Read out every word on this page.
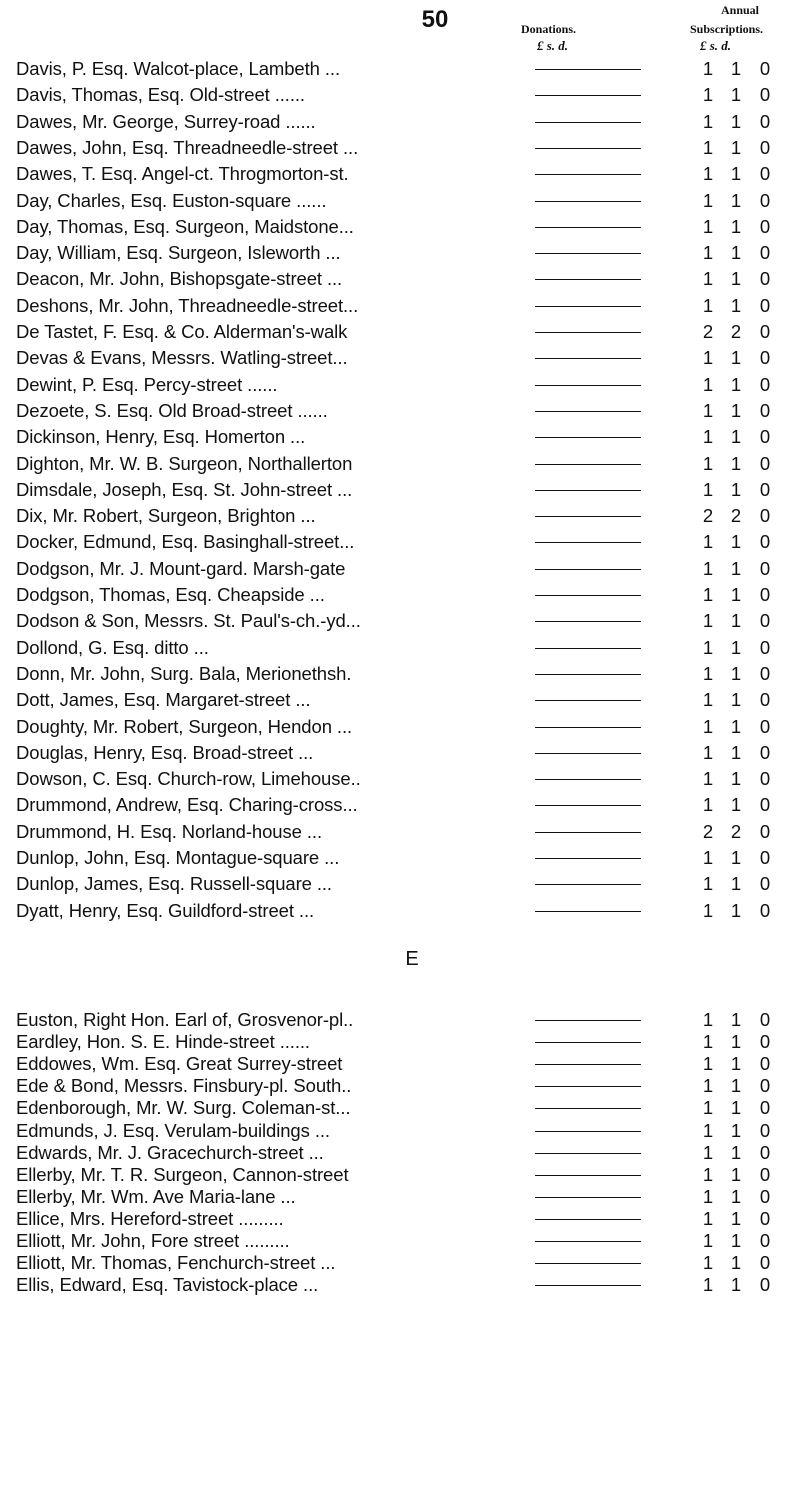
50	Annual
Donations.	Subscriptions.
£ s. d.	£ s. d.
Davis, P. Esq. Walcot-place, Lambeth ...	1 1 0
Davis, Thomas, Esq. Old-street ......	1 1 0
Dawes, Mr. George, Surrey-road ......	1 1 0
Dawes, John, Esq. Threadneedle-street ...	1 1 0
Dawes, T. Esq. Angel-ct. Throgmorton-st.	1 1 0
Day, Charles, Esq. Euston-square ......	1 1 0
Day, Thomas, Esq. Surgeon, Maidstone...	1 1 0
Day, William, Esq. Surgeon, Isleworth ...	1 1 0
Deacon, Mr. John, Bishopsgate-street ...	1 1 0
Deshons, Mr. John, Threadneedle-street...	1 1 0
De Tastet, F. Esq. & Co. Alderman's-walk	2 2 0
Devas & Evans, Messrs. Watling-street...	1 1 0
Dewint, P. Esq. Percy-street ......	1 1 0
Dezoete, S. Esq. Old Broad-street ......	1 1 0
Dickinson, Henry, Esq. Homerton ...	1 1 0
Dighton, Mr. W. B. Surgeon, Northallerton	1 1 0
Dimsdale, Joseph, Esq. St. John-street ...	1 1 0
Dix, Mr. Robert, Surgeon, Brighton ...	2 2 0
Docker, Edmund, Esq. Basinghall-street...	1 1 0
Dodgson, Mr. J. Mount-gard. Marsh-gate	1 1 0
Dodgson, Thomas, Esq. Cheapside ...	1 1 0
Dodson & Son, Messrs. St. Paul's-ch.-yd...	1 1 0
Dollond, G. Esq. ditto ...	1 1 0
Donn, Mr. John, Surg. Bala, Merionethsh.	1 1 0
Dott, James, Esq. Margaret-street ...	1 1 0
Doughty, Mr. Robert, Surgeon, Hendon ...	1 1 0
Douglas, Henry, Esq. Broad-street ...	1 1 0
Dowson, C. Esq. Church-row, Limehouse..	1 1 0
Drummond, Andrew, Esq. Charing-cross...	1 1 0
Drummond, H. Esq. Norland-house ...	2 2 0
Dunlop, John, Esq. Montague-square ...	1 1 0
Dunlop, James, Esq. Russell-square ...	1 1 0
Dyatt, Henry, Esq. Guildford-street ...	1 1 0
Euston, Right Hon. Earl of, Grosvenor-pl..	1 1 0
Eardley, Hon. S. E. Hinde-street ......	1 1 0
Eddowes, Wm. Esq. Great Surrey-street	1 1 0
Ede & Bond, Messrs. Finsbury-pl. South..	1 1 0
Edenborough, Mr. W. Surg. Coleman-st...	1 1 0
Edmunds, J. Esq. Verulam-buildings ...	1 1 0
Edwards, Mr. J. Gracechurch-street ...	1 1 0
Ellerby, Mr. T. R. Surgeon, Cannon-street	1 1 0
Ellerby, Mr. Wm. Ave Maria-lane ...	1 1 0
Ellice, Mrs. Hereford-street .........	1 1 0
Elliott, Mr. John, Fore street .........	1 1 0
Elliott, Mr. Thomas, Fenchurch-street ...	1 1 0
Ellis, Edward, Esq. Tavistock-place ...	1 1 0
E
